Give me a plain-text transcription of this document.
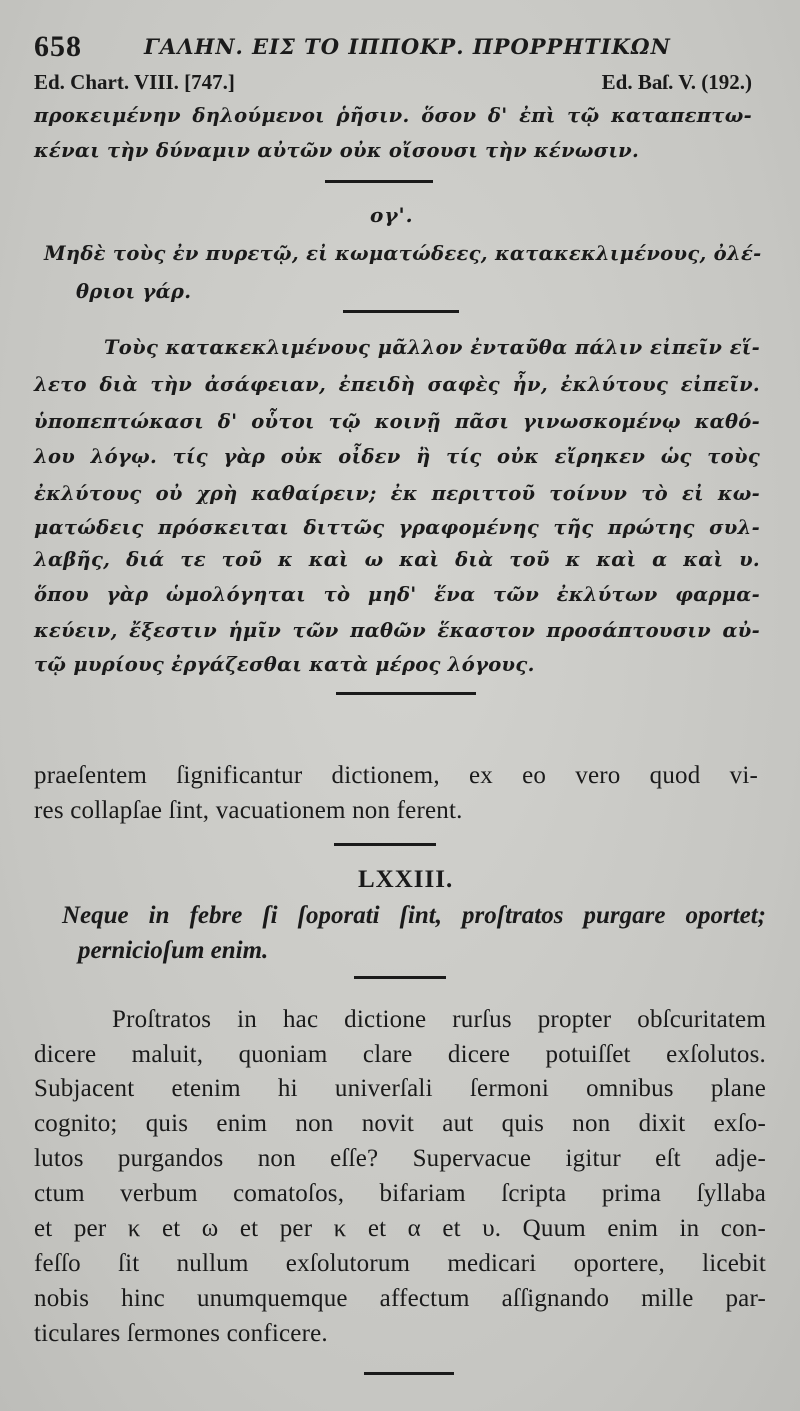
658	ΓΑΛΗΝ. ΕΙΣ ΤΟ ΙΠΠΟΚΡ. ΠΡΟΡΡΗΤΙΚΩΝ
Ed. Chart. VIII. [747.]	Ed. Baſ. V. (192.)
προκειμένην δηλούμενοι ῥῆσιν. ὅσον δ' ἐπὶ τῷ καταπεπτω-
κέναι τὴν δύναμιν αὐτῶν οὐκ οἴσουσι τὴν κένωσιν.
ογ'.
Μηδὲ τοὺς ἐν πυρετῷ, εἰ κωματώδεες, κατακεκλιμένους, ὀλέ-
θριοι γάρ.
Τοὺς κατακεκλιμένους μᾶλλον ἐνταῦθα πάλιν εἰπεῖν εἵ-
λετο διὰ τὴν ἀσάφειαν, ἐπειδὴ σαφὲς ἦν, ἐκλύτους εἰπεῖν.
ὑποπεπτώκασι δ' οὗτοι τῷ κοινῇ πᾶσι γινωσκομένῳ καθό-
λου λόγῳ. τίς γὰρ οὐκ οἶδεν ἢ τίς οὐκ εἴρηκεν ὡς τοὺς
ἐκλύτους οὐ χρὴ καθαίρειν; ἐκ περιττοῦ τοίνυν τὸ εἰ κω-
ματώδεις πρόσκειται διττῶς γραφομένης τῆς πρώτης συλ-
λαβῆς, διά τε τοῦ κ καὶ ω καὶ διὰ τοῦ κ καὶ α καὶ υ.
ὅπου γὰρ ὡμολόγηται τὸ μηδ' ἕνα τῶν ἐκλύτων φαρμα-
κεύειν, ἔξεστιν ἡμῖν τῶν παθῶν ἕκαστον προσάπτουσιν αὐ-
τῷ μυρίους ἐργάζεσθαι κατὰ μέρος λόγους.
praeſentem ſignificantur dictionem, ex eo vero quod vi-
res collapſae ſint, vacuationem non ferent.
LXXIII.
Neque in febre ſi ſoporati ſint, proſtratos purgare oportet;
pernicioſum enim.
Proſtratos in hac dictione rurſus propter obſcuritatem
dicere maluit, quoniam clare dicere potuiſſet exſolutos.
Subjacent etenim hi univerſali ſermoni omnibus plane
cognito; quis enim non novit aut quis non dixit exſo-
lutos purgandos non eſſe? Supervacue igitur eſt adje-
ctum verbum comatoſos, bifariam ſcripta prima ſyllaba
et per κ et ω et per κ et α et υ. Quum enim in con-
feſſo ſit nullum exſolutorum medicari oportere, licebit
nobis hinc unumquemque affectum aſſignando mille par-
ticulares ſermones conficere.
